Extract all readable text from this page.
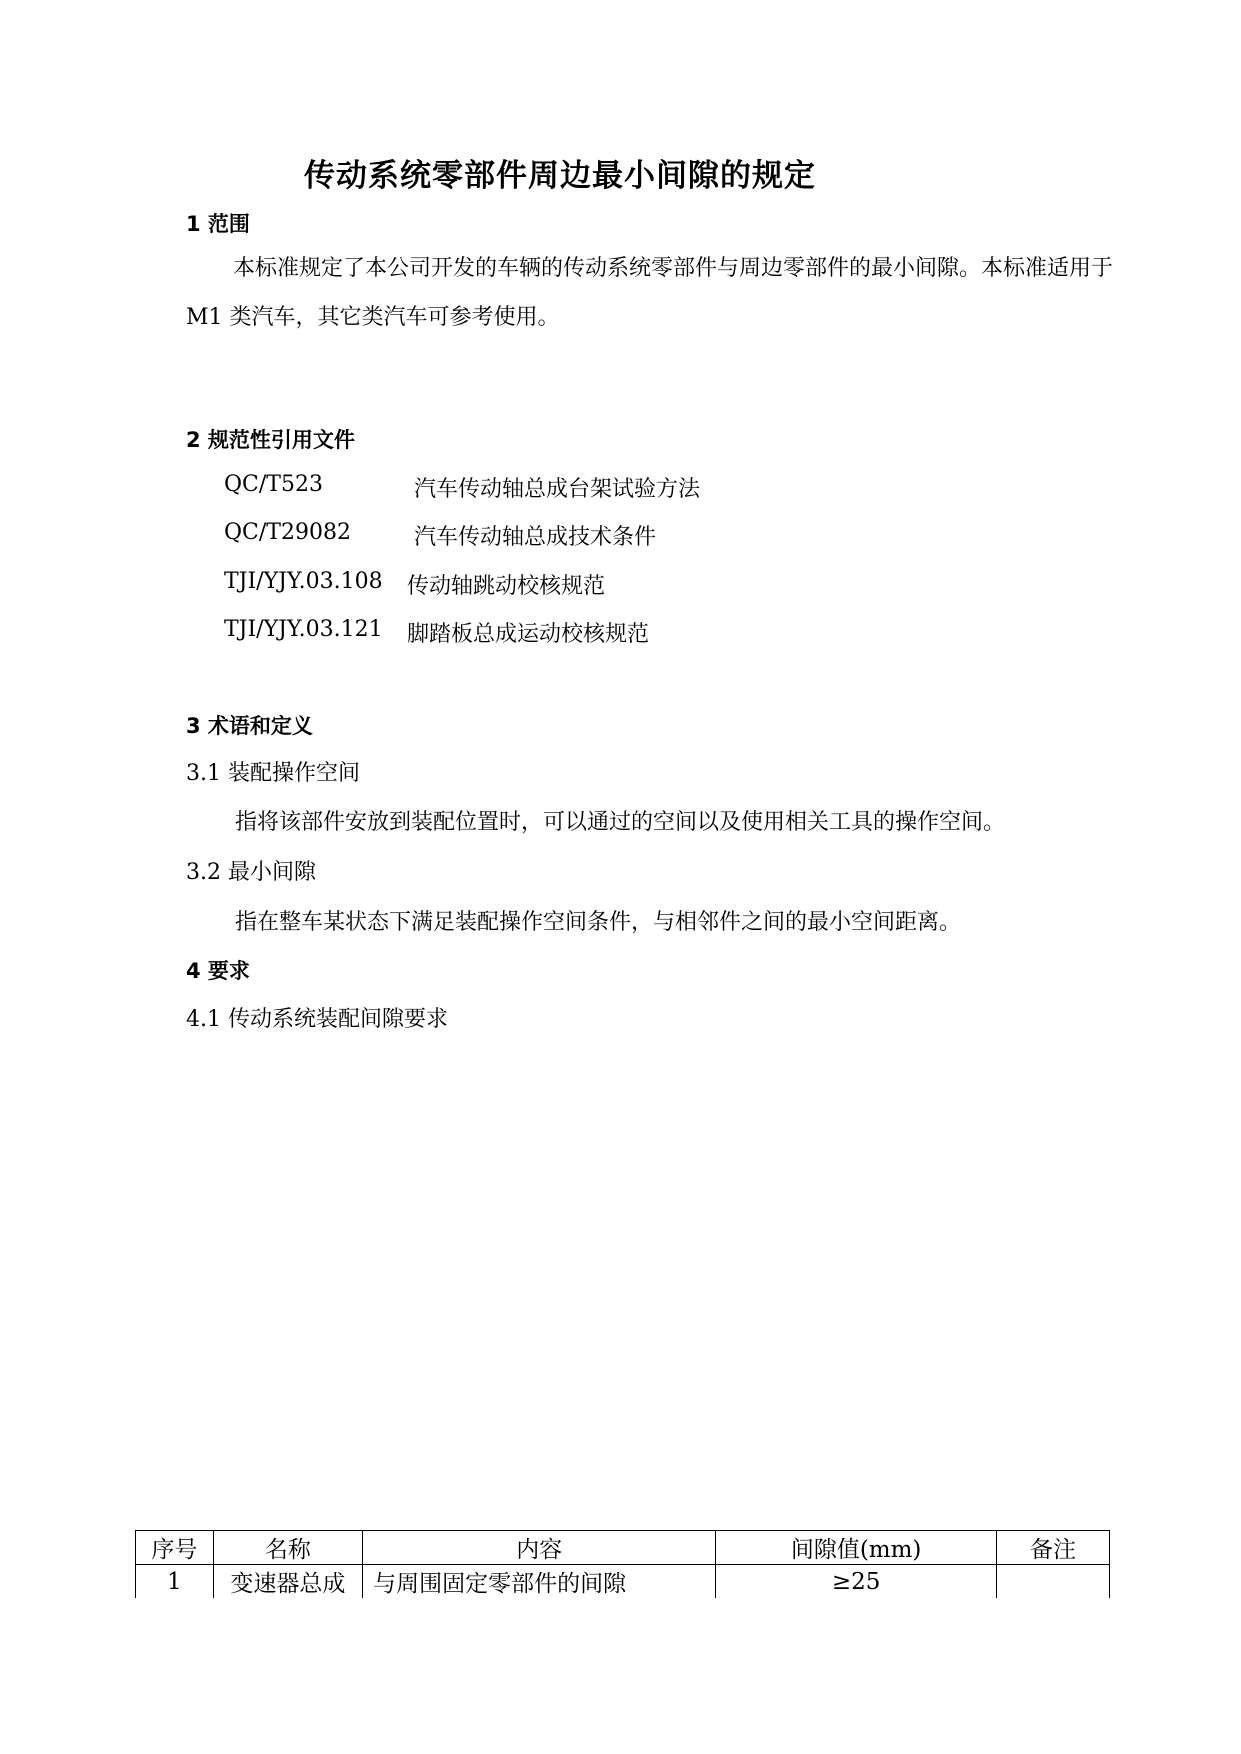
传动系统零部件周边最小间隙的规定
1 范围
本标准规定了本公司开发的车辆的传动系统零部件与周边零部件的最小间隙。本标准适用于 M1 类汽车，其它类汽车可参考使用。
2 规范性引用文件
QC/T523	汽车传动轴总成台架试验方法
QC/T29082	汽车传动轴总成技术条件
TJI/YJY.03.108 传动轴跳动校核规范
TJI/YJY.03.121 脚踏板总成运动校核规范
3 术语和定义
3.1 装配操作空间
指将该部件安放到装配位置时，可以通过的空间以及使用相关工具的操作空间。
3.2 最小间隙
指在整车某状态下满足装配操作空间条件，与相邻件之间的最小空间距离。
4 要求
4.1 传动系统装配间隙要求
序号	名称	内容	间隙值(mm)	备注
1	变速器总成	与周围固定零部件的间隙	≥25	
